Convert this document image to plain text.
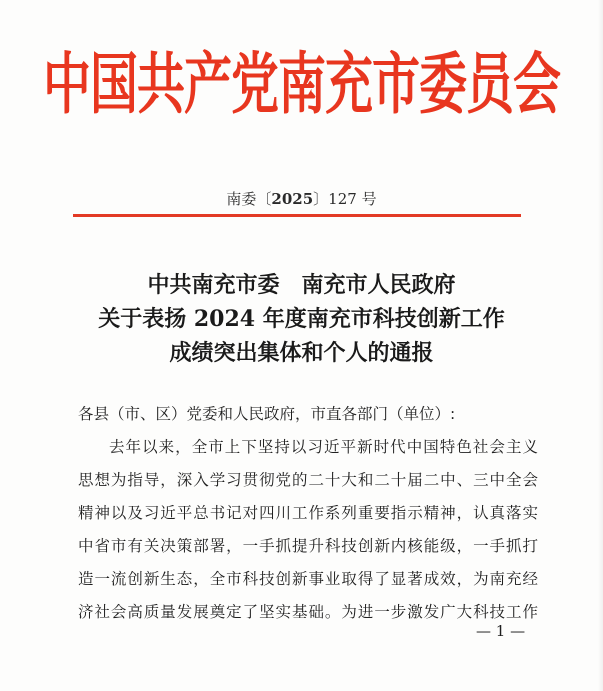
中国共产党南充市委员会
南委〔2025〕127 号
中共南充市委　南充市人民政府
关于表扬 2024 年度南充市科技创新工作
成绩突出集体和个人的通报
各县（市、区）党委和人民政府，市直各部门（单位）:
去年以来，全市上下坚持以习近平新时代中国特色社会主义
思想为指导，深入学习贯彻党的二十大和二十届二中、三中全会
精神以及习近平总书记对四川工作系列重要指示精神，认真落实
中省市有关决策部署，一手抓提升科技创新内核能级，一手抓打
造一流创新生态，全市科技创新事业取得了显著成效，为南充经
济社会高质量发展奠定了坚实基础。为进一步激发广大科技工作
— 1 —
